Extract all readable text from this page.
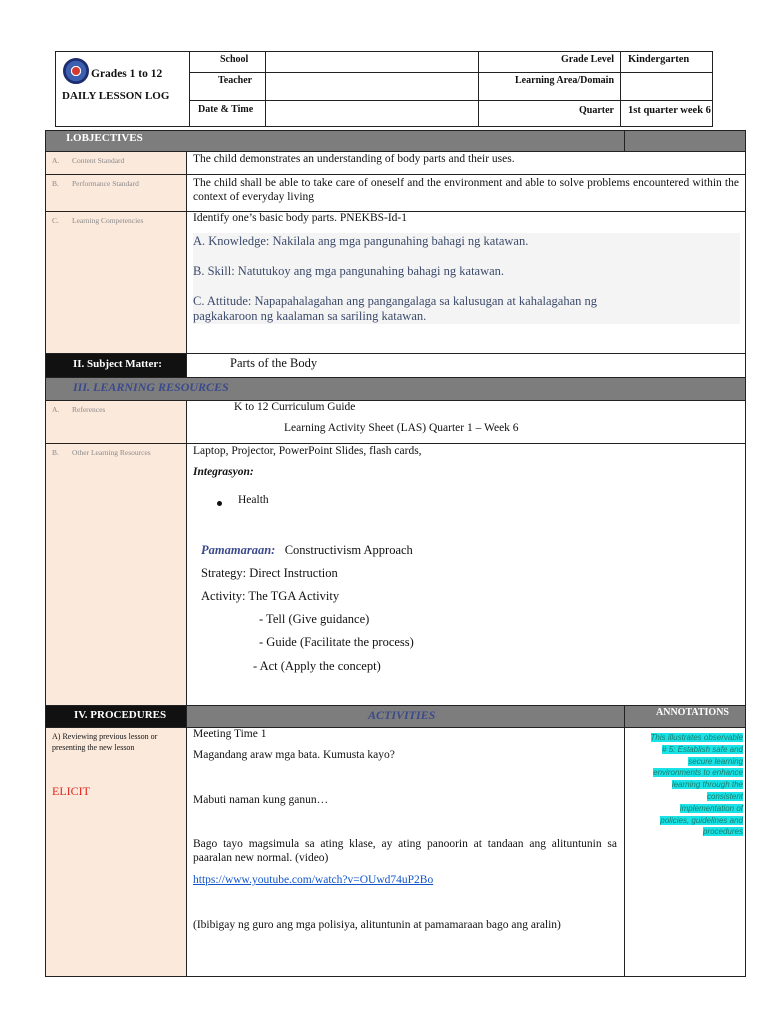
Grades 1 to 12
DAILY LESSON LOG
School	Grade Level	Kindergarten
Teacher	Learning Area/Domain
Date & Time	Quarter	1st quarter week 6
I.OBJECTIVES
A. Content Standard	The child demonstrates an understanding of body parts and their uses.
B. Performance Standard	The child shall be able to take care of oneself and the environment and able to solve problems encountered within the context of everyday living
C. Learning Competencies	Identify one’s basic body parts. PNEKBS-Id-1
A. Knowledge: Nakilala ang mga pangunahing bahagi ng katawan.
B. Skill: Natutukoy ang mga pangunahing bahagi ng katawan.
C. Attitude: Napapahalagahan ang pangangalaga sa kalusugan at kahalagahan ng
pagkakaroon ng kaalaman sa sariling katawan.
II. Subject Matter:	Parts of the Body
III. LEARNING RESOURCES
A. References	K to 12 Curriculum Guide
Learning Activity Sheet (LAS) Quarter 1 – Week 6
B. Other Learning Resources	Laptop, Projector, PowerPoint Slides, flash cards,
Integrasyon:
Health
Pamamaraan: Constructivism Approach
Strategy: Direct Instruction
Activity: The TGA Activity
- Tell (Give guidance)
- Guide (Facilitate the process)
- Act (Apply the concept)
IV. PROCEDURES	ACTIVITIES	ANNOTATIONS
A) Reviewing previous lesson or presenting the new lesson
ELICIT
Meeting Time 1
Magandang araw mga bata. Kumusta kayo?
Mabuti naman kung ganun…
Bago tayo magsimula sa ating klase, ay ating panoorin at tandaan ang alituntunin sa paaralan new normal. (video)
https://www.youtube.com/watch?v=OUwd74uP2Bo
(Ibibigay ng guro ang mga polisiya, alituntunin at pamamaraan bago ang aralin)
This illustrates observable
# 5: Establish safe and
secure learning
environments to enhance
learning through the
consistent
implementation of
policies, guidelines and
procedures
